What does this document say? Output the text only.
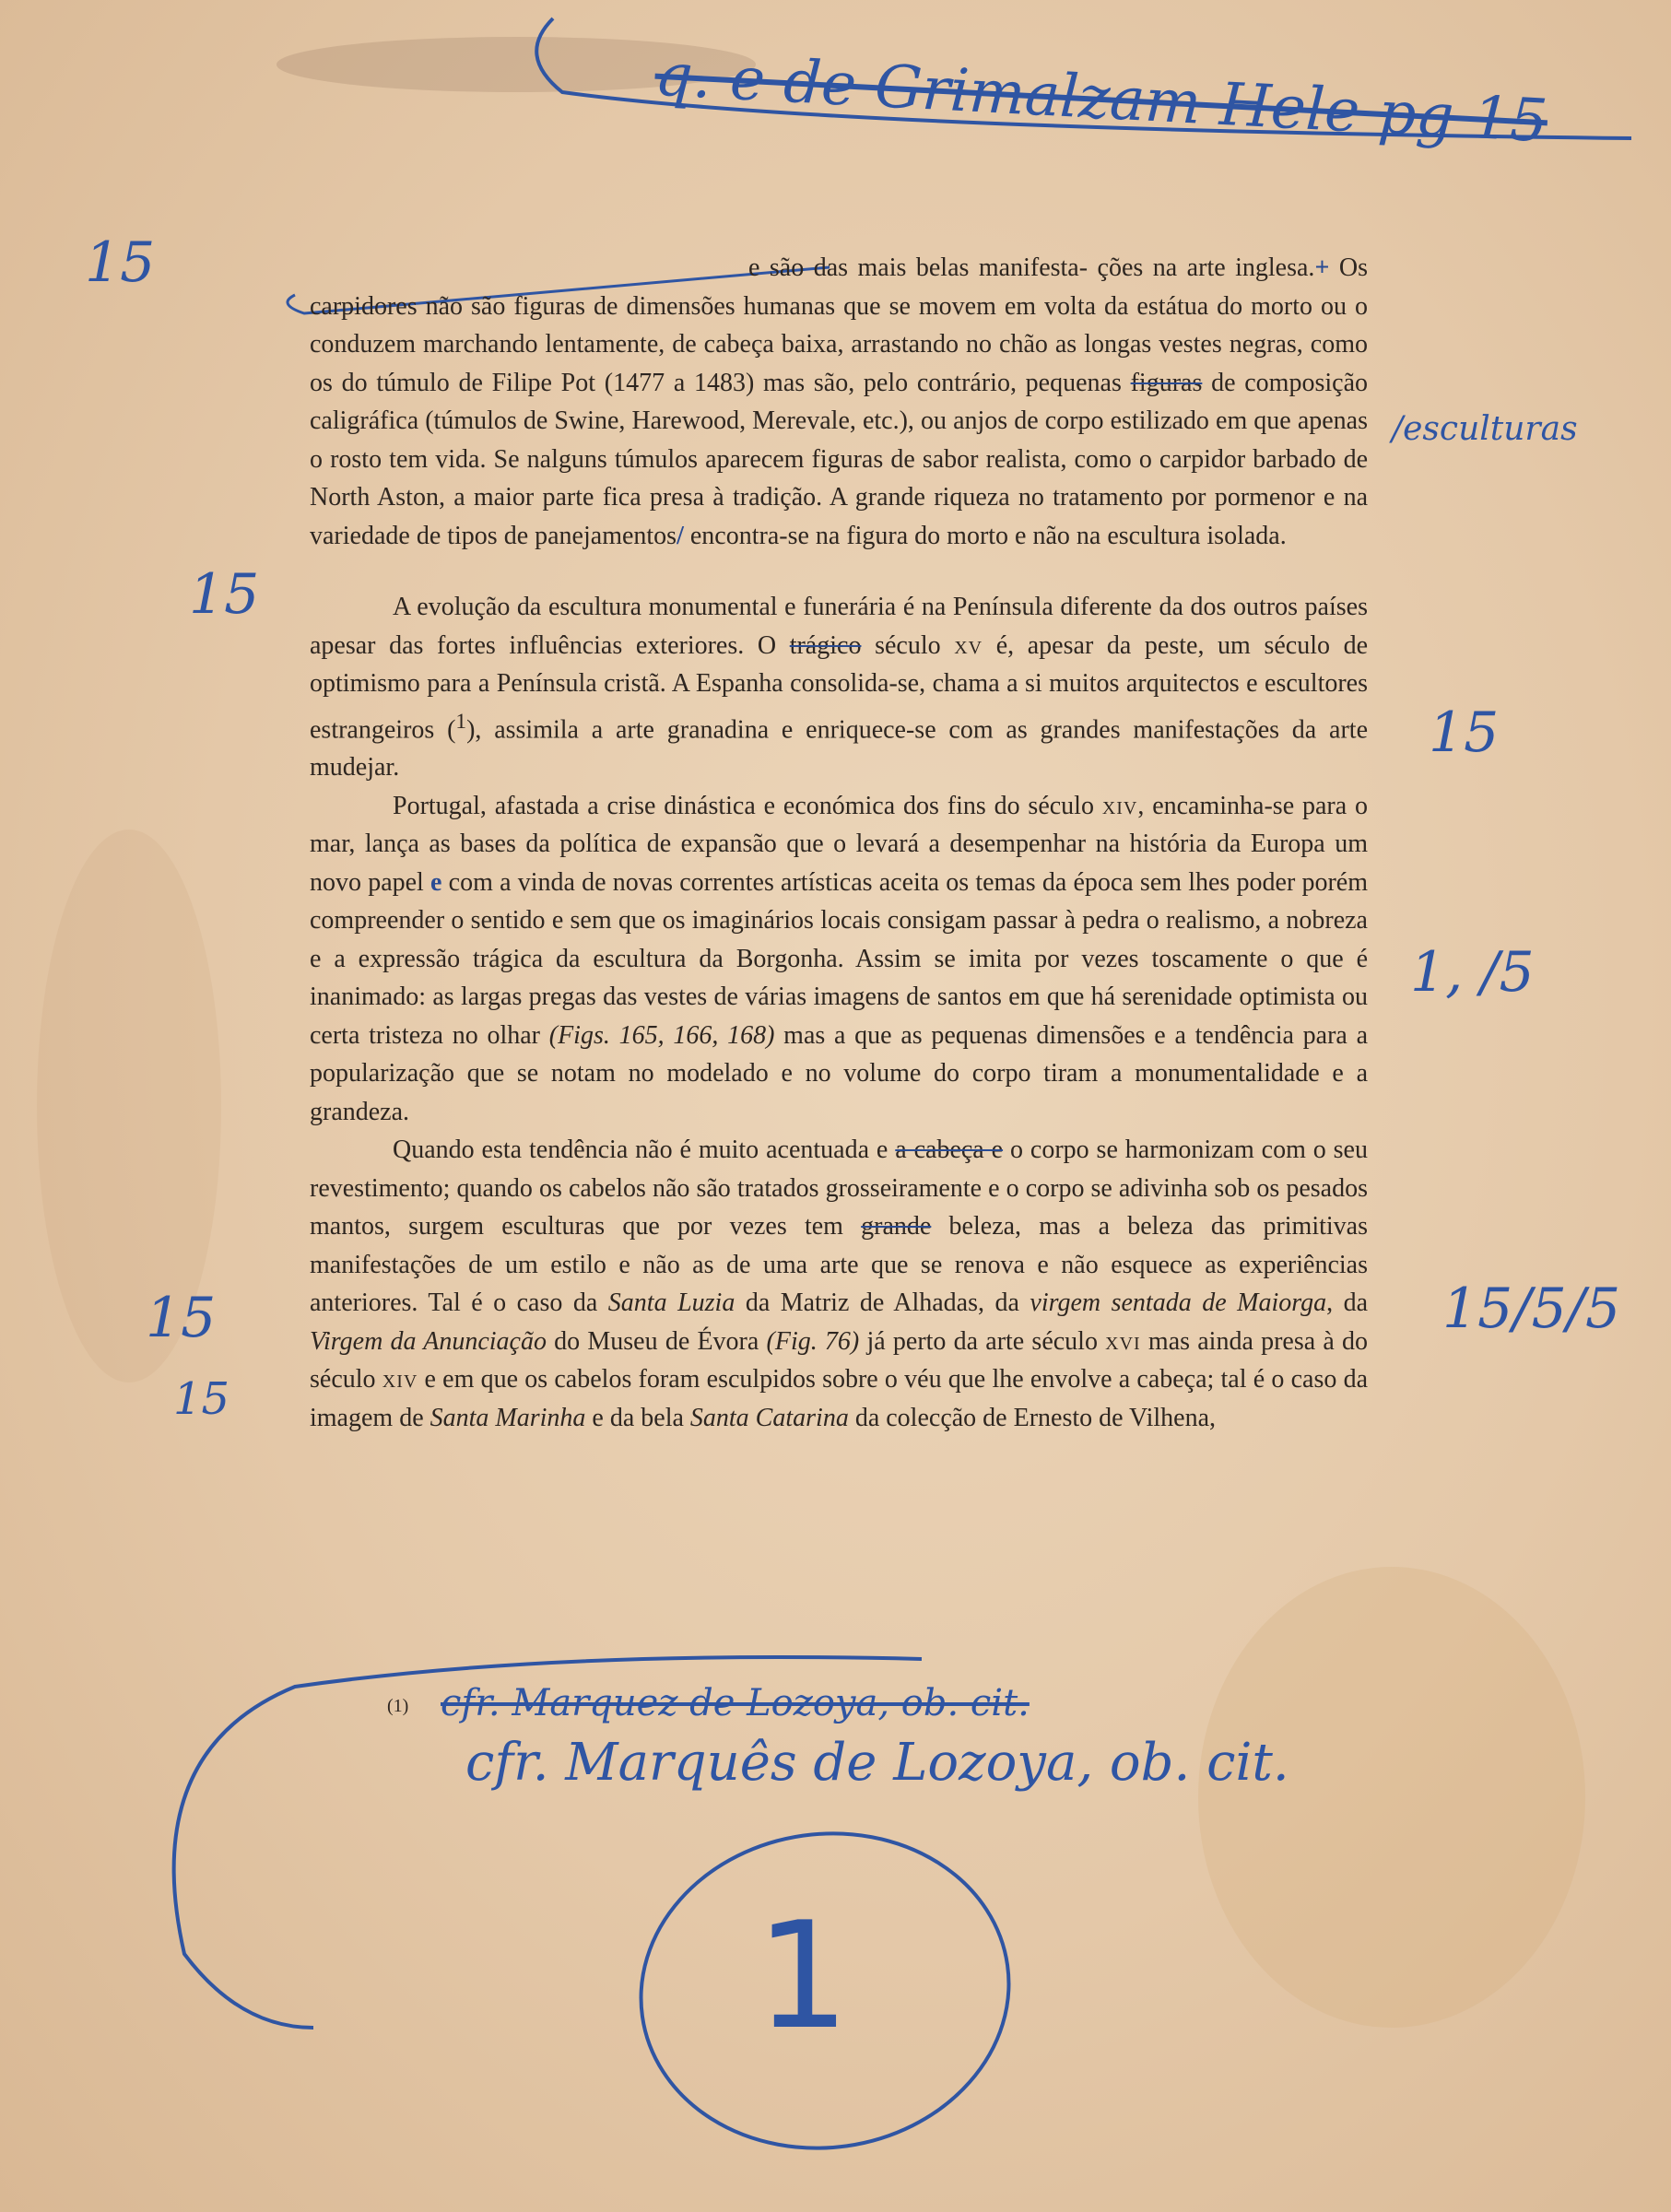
q. e de Grimalzam Hele pg 15
15
15
/esculturas
15
1, /5
15/5/5
15
15

e são das mais belas manifesta- ções na arte inglesa.+ Os carpidores não são figuras de dimensões humanas que se movem em volta da estátua do morto ou o conduzem marchando lentamente, de cabeça baixa, arrastando no chão as longas vestes negras, como os do túmulo de Filipe Pot (1477 a 1483) mas são, pelo contrário, pequenas figuras de composição caligráfica (túmulos de Swine, Harewood, Merevale, etc.), ou anjos de corpo estilizado em que apenas o rosto tem vida. Se nalguns túmulos aparecem figuras de sabor realista, como o carpidor barbado de North Aston, a maior parte fica presa à tradição. A grande riqueza no tratamento por pormenor e na variedade de tipos de panejamentos/ encontra-se na figura do morto e não na escultura isolada.

A evolução da escultura monumental e funerária é na Península diferente da dos outros países apesar das fortes influências exteriores. O trágico século xv é, apesar da peste, um século de optimismo para a Península cristã. A Espanha consolida-se, chama a si muitos arquitectos e escultores estrangeiros ($^1$), assimila a arte granadina e enriquece-se com as grandes manifestações da arte mudejar.

Portugal, afastada a crise dinástica e económica dos fins do século xiv, encaminha-se para o mar, lança as bases da política de expansão que o levará a desempenhar na história da Europa um novo papel e com a vinda de novas correntes artísticas aceita os temas da época sem lhes poder porém compreender o sentido e sem que os imaginários locais consigam passar à pedra o realismo, a nobreza e a expressão trágica da escultura da Borgonha. Assim se imita por vezes toscamente o que é inanimado: as largas pregas das vestes de várias imagens de santos em que há serenidade optimista ou certa tristeza no olhar (Figs. 165, 166, 168) mas a que as pequenas dimensões e a tendência para a popularização que se notam no modelado e no volume do corpo tiram a monumentalidade e a grandeza.

Quando esta tendência não é muito acentuada e a cabeça e o corpo se harmonizam com o seu revestimento; quando os cabelos não são tratados grosseiramente e o corpo se adivinha sob os pesados mantos, surgem esculturas que por vezes tem grande beleza, mas a beleza das primitivas manifestações de um estilo e não as de uma arte que se renova e não esquece as experiências anteriores. Tal é o caso da Santa Luzia da Matriz de Alhadas, da virgem sentada de Maiorga, da Virgem da Anunciação do Museu de Évora (Fig. 76) já perto da arte século xvi mas ainda presa à do século xiv e em que os cabelos foram esculpidos sobre o véu que lhe envolve a cabeça; tal é o caso da imagem de Santa Marinha e da bela Santa Catarina da colecção de Ernesto de Vilhena,

(1) cfr. Marquez de Lozoya, ob. cit.
cfr. Marquês de Lozoya, ob. cit.
1
